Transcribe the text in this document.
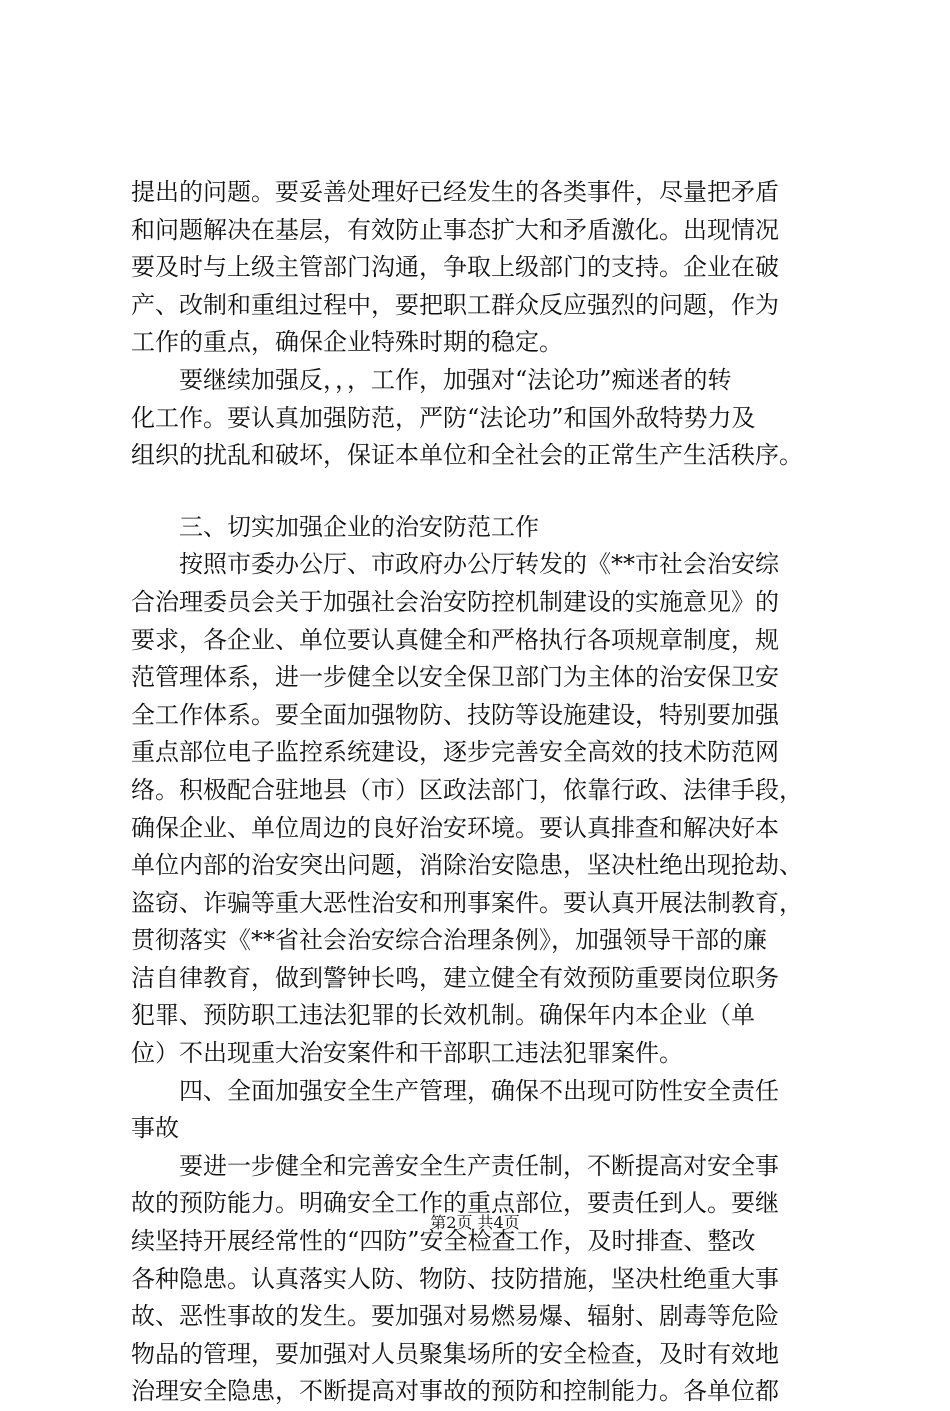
提出的问题。要妥善处理好已经发生的各类事件，尽量把矛盾
和问题解决在基层，有效防止事态扩大和矛盾激化。出现情况
要及时与上级主管部门沟通，争取上级部门的支持。企业在破
产、改制和重组过程中，要把职工群众反应强烈的问题，作为
工作的重点，确保企业特殊时期的稳定。
　　要继续加强反，，，工作，加强对“法论功”痴迷者的转
化工作。要认真加强防范，严防“法论功”和国外敌特势力及
组织的扰乱和破坏，保证本单位和全社会的正常生产生活秩序。
　　三、切实加强企业的治安防范工作
　　按照市委办公厅、市政府办公厅转发的《**市社会治安综
合治理委员会关于加强社会治安防控机制建设的实施意见》的
要求，各企业、单位要认真健全和严格执行各项规章制度，规
范管理体系，进一步健全以安全保卫部门为主体的治安保卫安
全工作体系。要全面加强物防、技防等设施建设，特别要加强
重点部位电子监控系统建设，逐步完善安全高效的技术防范网
络。积极配合驻地县（市）区政法部门，依靠行政、法律手段，
确保企业、单位周边的良好治安环境。要认真排查和解决好本
单位内部的治安突出问题，消除治安隐患，坚决杜绝出现抢劫、
盗窃、诈骗等重大恶性治安和刑事案件。要认真开展法制教育，
贯彻落实《**省社会治安综合治理条例》，加强领导干部的廉
洁自律教育，做到警钟长鸣，建立健全有效预防重要岗位职务
犯罪、预防职工违法犯罪的长效机制。确保年内本企业（单
位）不出现重大治安案件和干部职工违法犯罪案件。
　　四、全面加强安全生产管理，确保不出现可防性安全责任
事故
　　要进一步健全和完善安全生产责任制，不断提高对安全事
故的预防能力。明确安全工作的重点部位，要责任到人。要继
续坚持开展经常性的“四防”安全检查工作，及时排查、整改
各种隐患。认真落实人防、物防、技防措施，坚决杜绝重大事
故、恶性事故的发生。要加强对易燃易爆、辐射、剧毒等危险
物品的管理，要加强对人员聚集场所的安全检查，及时有效地
治理安全隐患，不断提高对事故的预防和控制能力。各单位都
第2页 共4页
